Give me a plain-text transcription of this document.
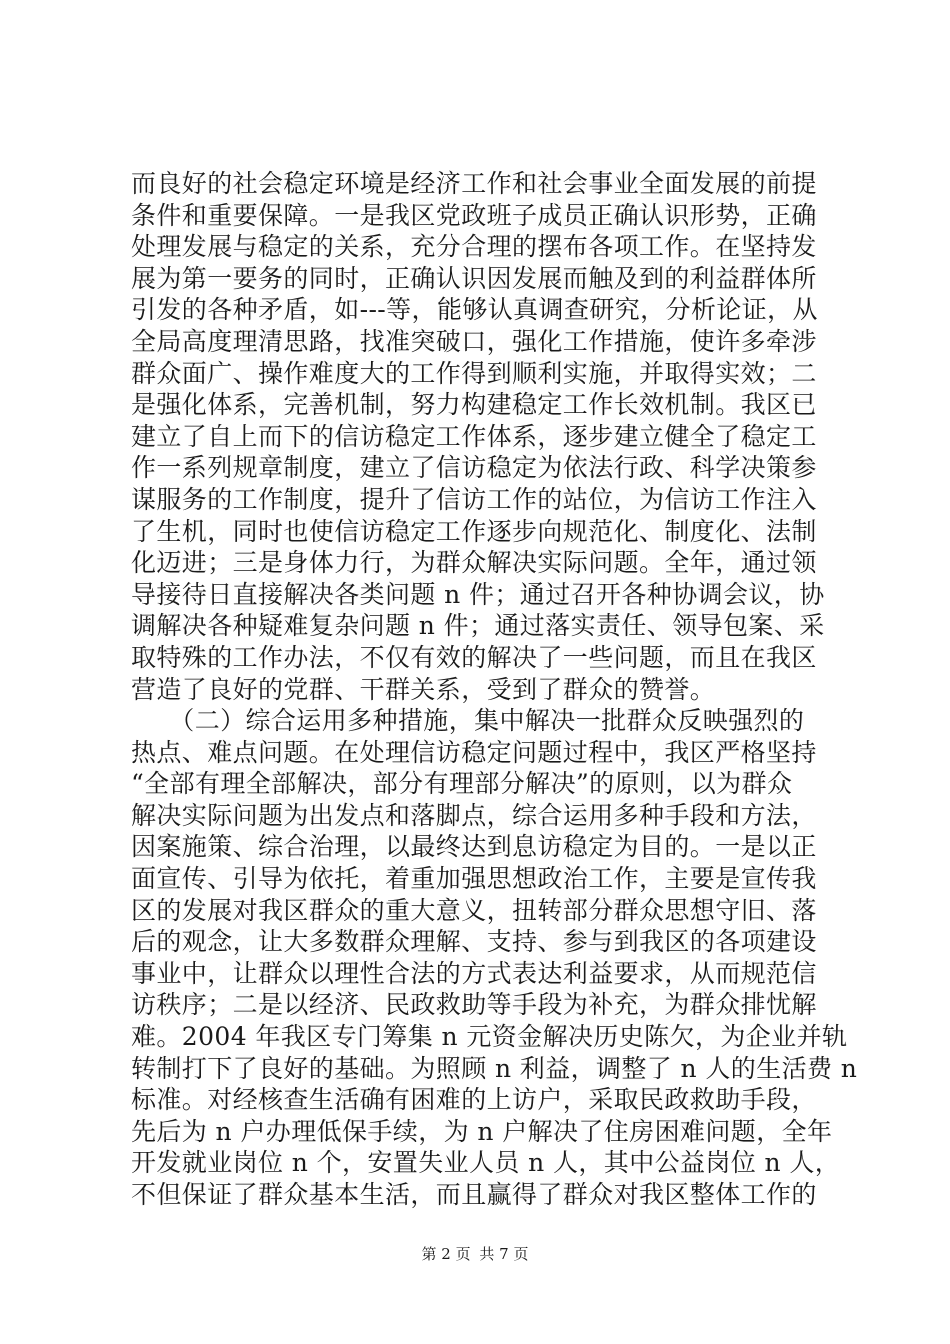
而良好的社会稳定环境是经济工作和社会事业全面发展的前提
条件和重要保障。一是我区党政班子成员正确认识形势，正确
处理发展与稳定的关系，充分合理的摆布各项工作。在坚持发
展为第一要务的同时，正确认识因发展而触及到的利益群体所
引发的各种矛盾，如---等，能够认真调查研究，分析论证，从
全局高度理清思路，找准突破口，强化工作措施，使许多牵涉
群众面广、操作难度大的工作得到顺利实施，并取得实效；二
是强化体系，完善机制，努力构建稳定工作长效机制。我区已
建立了自上而下的信访稳定工作体系，逐步建立健全了稳定工
作一系列规章制度，建立了信访稳定为依法行政、科学决策参
谋服务的工作制度，提升了信访工作的站位，为信访工作注入
了生机，同时也使信访稳定工作逐步向规范化、制度化、法制
化迈进；三是身体力行，为群众解决实际问题。全年，通过领
导接待日直接解决各类问题 n 件；通过召开各种协调会议，协
调解决各种疑难复杂问题 n 件；通过落实责任、领导包案、采
取特殊的工作办法，不仅有效的解决了一些问题，而且在我区
营造了良好的党群、干群关系，受到了群众的赞誉。
　　（二）综合运用多种措施，集中解决一批群众反映强烈的
热点、难点问题。在处理信访稳定问题过程中，我区严格坚持
“全部有理全部解决，部分有理部分解决”的原则，以为群众
解决实际问题为出发点和落脚点，综合运用多种手段和方法，
因案施策、综合治理，以最终达到息访稳定为目的。一是以正
面宣传、引导为依托，着重加强思想政治工作，主要是宣传我
区的发展对我区群众的重大意义，扭转部分群众思想守旧、落
后的观念，让大多数群众理解、支持、参与到我区的各项建设
事业中，让群众以理性合法的方式表达利益要求，从而规范信
访秩序；二是以经济、民政救助等手段为补充，为群众排忧解
难。2004 年我区专门筹集 n 元资金解决历史陈欠，为企业并轨
转制打下了良好的基础。为照顾 n 利益，调整了 n 人的生活费 n
标准。对经核查生活确有困难的上访户，采取民政救助手段，
先后为 n 户办理低保手续，为 n 户解决了住房困难问题，全年
开发就业岗位 n 个，安置失业人员 n 人，其中公益岗位 n 人，
不但保证了群众基本生活，而且赢得了群众对我区整体工作的
第 2 页 共 7 页
